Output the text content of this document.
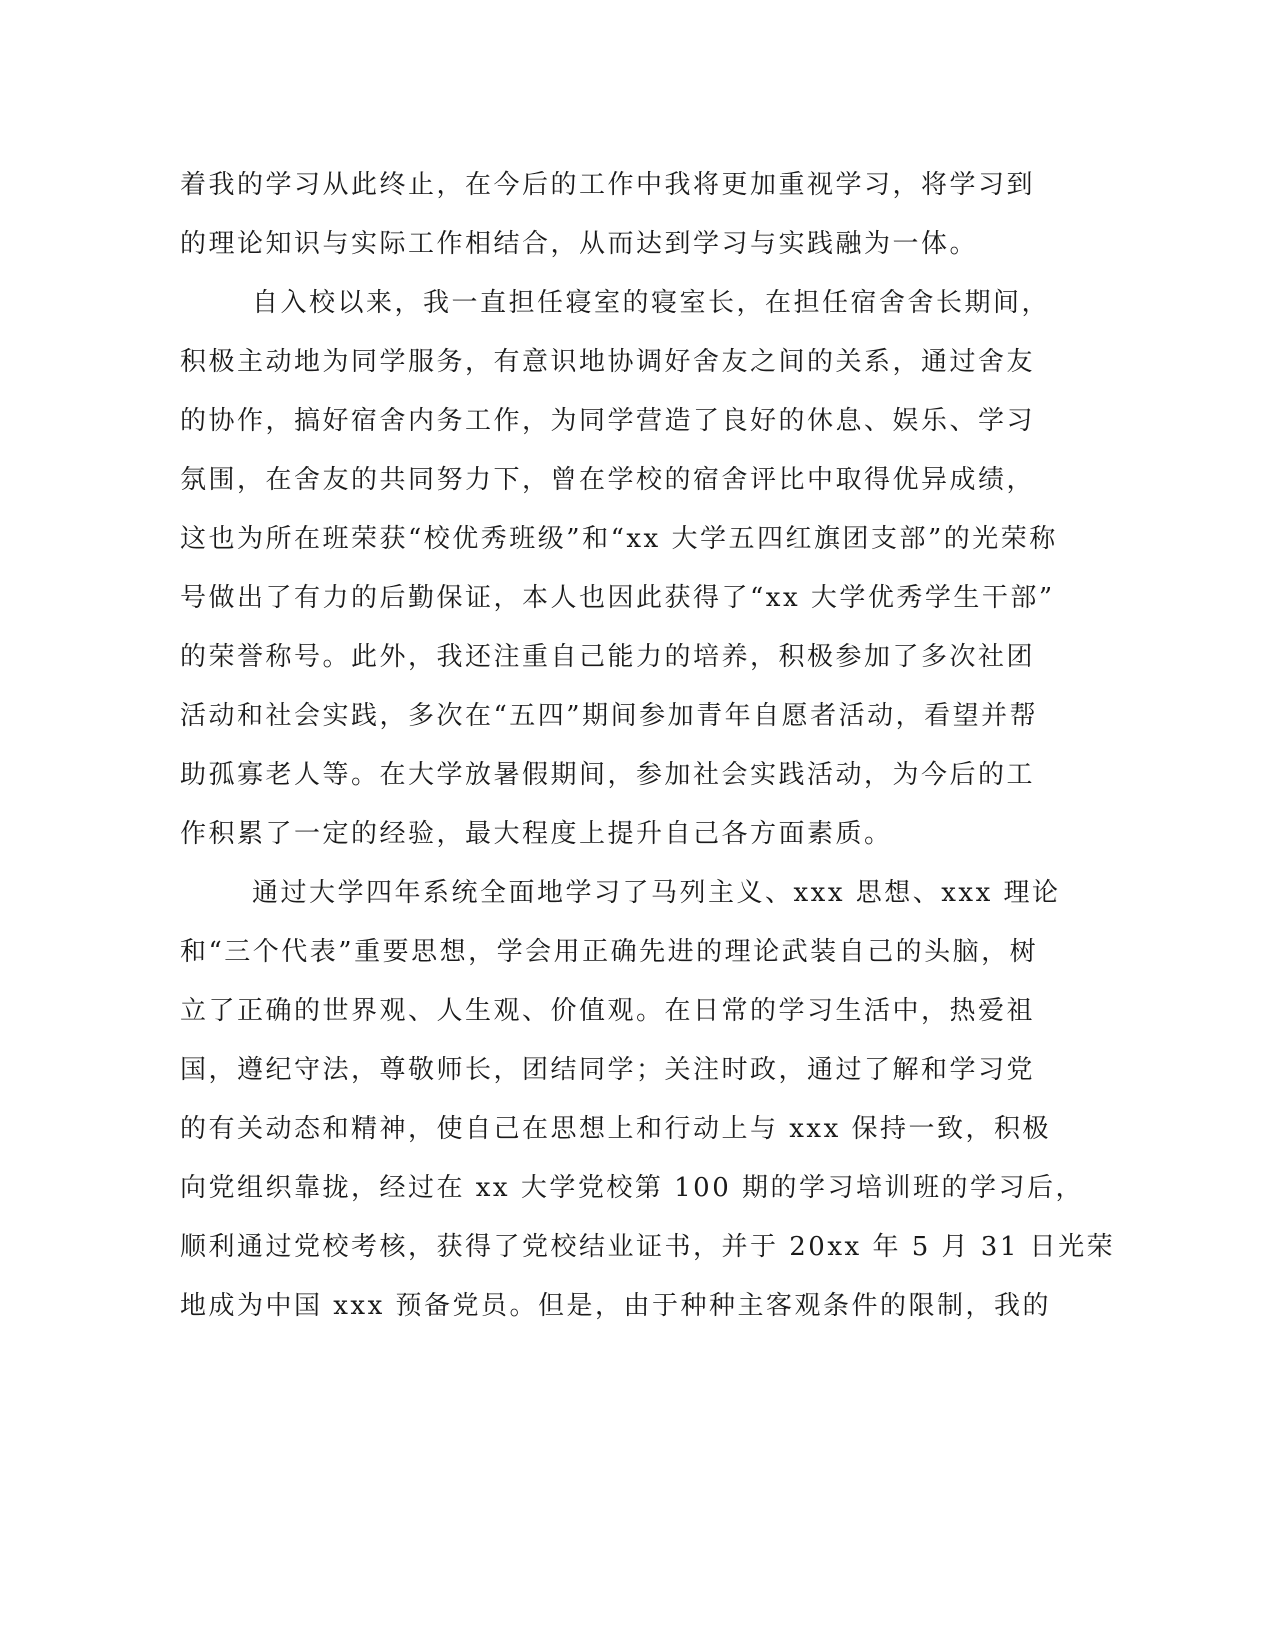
着我的学习从此终止，在今后的工作中我将更加重视学习，将学习到
的理论知识与实际工作相结合，从而达到学习与实践融为一体。
自入校以来，我一直担任寝室的寝室长，在担任宿舍舍长期间，
积极主动地为同学服务，有意识地协调好舍友之间的关系，通过舍友
的协作，搞好宿舍内务工作，为同学营造了良好的休息、娱乐、学习
氛围，在舍友的共同努力下，曾在学校的宿舍评比中取得优异成绩，
这也为所在班荣获“校优秀班级”和“xx 大学五四红旗团支部”的光荣称
号做出了有力的后勤保证，本人也因此获得了“xx 大学优秀学生干部”
的荣誉称号。此外，我还注重自己能力的培养，积极参加了多次社团
活动和社会实践，多次在“五四”期间参加青年自愿者活动，看望并帮
助孤寡老人等。在大学放暑假期间，参加社会实践活动，为今后的工
作积累了一定的经验，最大程度上提升自己各方面素质。
通过大学四年系统全面地学习了马列主义、xxx 思想、xxx 理论
和“三个代表”重要思想，学会用正确先进的理论武装自己的头脑，树
立了正确的世界观、人生观、价值观。在日常的学习生活中，热爱祖
国，遵纪守法，尊敬师长，团结同学；关注时政，通过了解和学习党
的有关动态和精神，使自己在思想上和行动上与 xxx 保持一致，积极
向党组织靠拢，经过在 xx 大学党校第 100 期的学习培训班的学习后，
顺利通过党校考核，获得了党校结业证书，并于 20xx 年 5 月 31 日光荣
地成为中国 xxx 预备党员。但是，由于种种主客观条件的限制，我的
